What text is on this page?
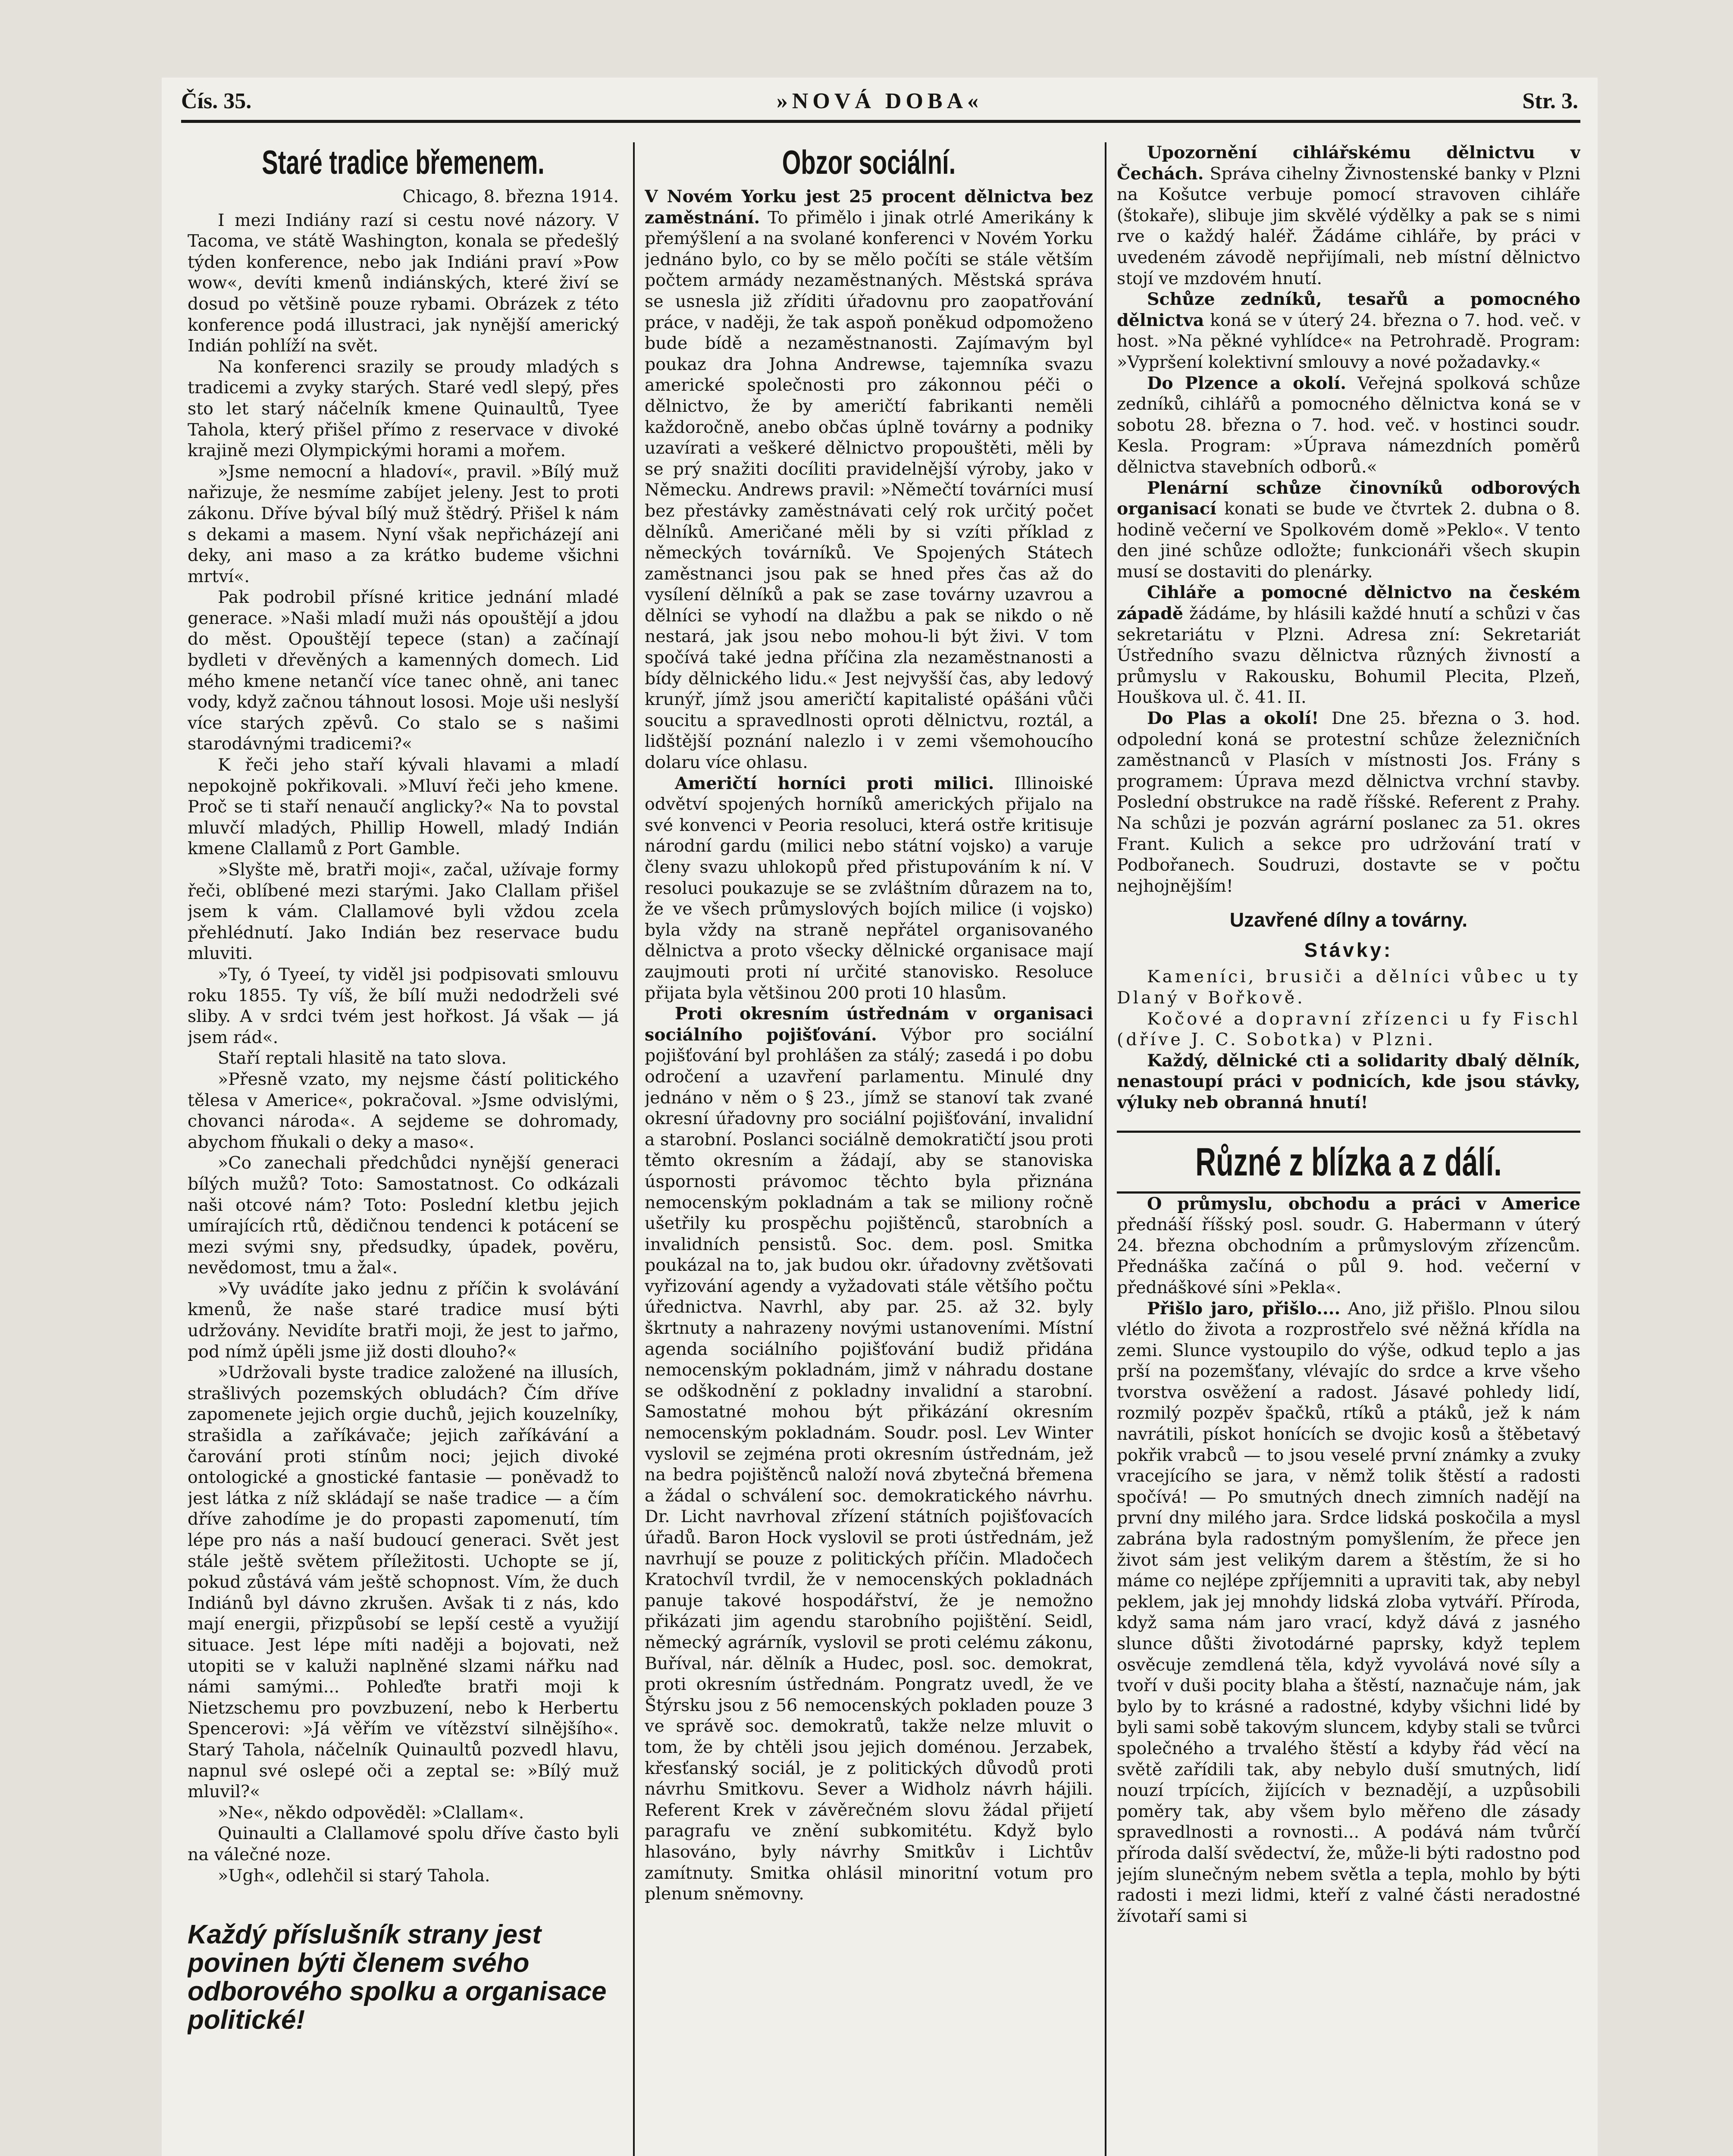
Čís. 35.	»NOVÁ DOBA«	Str. 3.
Staré tradice břemenem.
Chicago, 8. března 1914.

I mezi Indiány razí si cestu nové názory. V Tacoma, ve státě Washington, konala se předešlý týden konference, nebo jak Indiáni praví »Pow wow«, devíti kmenů indiánských, které živí se dosud po většině pouze rybami. Obrázek z této konference podá illustraci, jak nynější americký Indián pohlíží na svět.

Na konferenci srazily se proudy mladých s tradicemi a zvyky starých. Staré vedl slepý, přes sto let starý náčelník kmene Quinaultů, Tyee Tahola, který přišel přímo z reservace v divoké krajině mezi Olympickými horami a mořem.

»Jsme nemocní a hladoví«, pravil. »Bílý muž nařizuje, že nesmíme zabíjet jeleny. Jest to proti zákonu. Dříve býval bílý muž štědrý. Přišel k nám s dekami a masem. Nyní však nepřicházejí ani deky, ani maso a za krátko budeme všichni mrtví«.

Pak podrobil přísné kritice jednání mladé generace. »Naši mladí muži nás opouštějí a jdou do měst. Opouštějí tepece (stan) a začínají bydleti v dřevěných a kamenných domech. Lid mého kmene netančí více tanec ohně, ani tanec vody, když začnou táhnout lososi. Moje uši neslyší více starých zpěvů. Co stalo se s našimi starodávnými tradicemi?«

K řeči jeho staří kývali hlavami a mladí nepokojně pokřikovali. »Mluví řeči jeho kmene. Proč se ti staří nenaučí anglicky?« Na to povstal mluvčí mladých, Phillip Howell, mladý Indián kmene Clallamů z Port Gamble.

»Slyšte mě, bratři moji«, začal, užívaje formy řeči, oblíbené mezi starými. Jako Clallam přišel jsem k vám. Clallamové byli vždou zcela přehlédnutí. Jako Indián bez reservace budu mluviti.

»Ty, ó Tyeeí, ty viděl jsi podpisovati smlouvu roku 1855. Ty víš, že bílí muži nedodrželi své sliby. A v srdci tvém jest hořkost. Já však — já jsem rád«.

Staří reptali hlasitě na tato slova.

»Přesně vzato, my nejsme částí politického tělesa v Americe«, pokračoval. »Jsme odvislými, chovanci národa«. A sejdeme se dohromady, abychom fňukali o deky a maso«.

»Co zanechali předchůdci nynější generaci bílých mužů? Toto: Samostatnost. Co odkázali naši otcové nám? Toto: Poslední kletbu jejich umírajících rtů, dědičnou tendenci k potácení se mezi svými sny, předsudky, úpadek, pověru, nevědomost, tmu a žal«.

»Vy uvádíte jako jednu z příčin k svolávání kmenů, že naše staré tradice musí býti udržovány. Nevidíte bratři moji, že jest to jařmo, pod nímž úpěli jsme již dosti dlouho?«

»Udržovali byste tradice založené na illusích, strašlivých pozemských obludách? Čím dříve zapomenete jejich orgie duchů, jejich kouzelníky, strašidla a zaříkávače; jejich zaříkávání a čarování proti stínům noci; jejich divoké ontologické a gnostické fantasie — poněvadž to jest látka z níž skládají se naše tradice — a čím dříve zahodíme je do propasti zapomenutí, tím lépe pro nás a naší budoucí generaci. Svět jest stále ještě světem příležitosti. Uchopte se jí, pokud zůstává vám ještě schopnost. Vím, že duch Indiánů byl dávno zkrušen. Avšak ti z nás, kdo mají energii, přizpůsobí se lepší cestě a využijí situace. Jest lépe míti naději a bojovati, než utopiti se v kaluži naplněné slzami nářku nad námi samými... Pohleďte bratři moji k Nietzschemu pro povzbuzení, nebo k Herbertu Spencerovi: »Já věřím ve vítězství silnějšího«. Starý Tahola, náčelník Quinaultů pozvedl hlavu, napnul své oslepé oči a zeptal se: »Bílý muž mluvil?«

»Ne«, někdo odpověděl: »Clallam«.

Quinaulti a Clallamové spolu dříve často byli na válečné noze.

»Ugh«, odlehčil si starý Tahola.

Každý příslušník strany jest povinen býti členem svého odborového spolku a organisace politické!
Obzor sociální.

V Novém Yorku jest 25 procent dělnictva bez zaměstnání. To přimělo i jinak otrlé Amerikány k přemýšlení a na svolané konferenci v Novém Yorku jednáno bylo, co by se mělo počíti se stále větším počtem armády nezaměstnaných. Městská správa se usnesla již zříditi úřadovnu pro zaopatřování práce, v naději, že tak aspoň poněkud odpomoženo bude bídě a nezaměstnanosti. Zajímavým byl poukaz dra Johna Andrewse, tajemníka svazu americké společnosti pro zákonnou péči o dělnictvo, že by američtí fabrikanti neměli každoročně, anebo občas úplně továrny a podniky uzavírati a veškeré dělnictvo propouštěti, měli by se prý snažiti docíliti pravidelnější výroby, jako v Německu. Andrews pravil: »Němečtí továrníci musí bez přestávky zaměstnávati celý rok určitý počet dělníků. Američané měli by si vzíti příklad z německých továrníků. Ve Spojených Státech zaměstnanci jsou pak se hned přes čas až do vysílení dělníků a pak se zase továrny uzavrou a dělníci se vyhodí na dlažbu a pak se nikdo o ně nestará, jak jsou nebo mohou-li být živi. V tom spočívá také jedna příčina zla nezaměstnanosti a bídy dělnického lidu.« Jest nejvyšší čas, aby ledový krunýř, jímž jsou američtí kapitalisté opášáni vůči soucitu a spravedlnosti oproti dělnictvu, roztál, a lidštější poznání nalezlo i v zemi všemohoucího dolaru více ohlasu.

Američtí horníci proti milici. Illinoiské odvětví spojených horníků amerických přijalo na své konvenci v Peoria resoluci, která ostře kritisuje národní gardu (milici nebo státní vojsko) a varuje členy svazu uhlokopů před přistupováním k ní. V resoluci poukazuje se se zvláštním důrazem na to, že ve všech průmyslových bojích milice (i vojsko) byla vždy na straně nepřátel organisovaného dělnictva a proto všecky dělnické organisace mají zaujmouti proti ní určité stanovisko. Resoluce přijata byla většinou 200 proti 10 hlasům.

Proti okresním ústřednám v organisaci sociálního pojišťování. Výbor pro sociální pojišťování byl prohlášen za stálý; zasedá i po dobu odročení a uzavření parlamentu. Minulé dny jednáno v něm o § 23., jímž se stanoví tak zvané okresní úřadovny pro sociální pojišťování, invalidní a starobní. Poslanci sociálně demokratičtí jsou proti těmto okresním a žádají, aby se stanoviska úspornosti právomoc těchto byla přiznána nemocenským pokladnám a tak se miliony ročně ušetřily ku prospěchu pojištěnců, starobních a invalidních pensistů. Soc. dem. posl. Smitka poukázal na to, jak budou okr. úřadovny zvětšovati vyřizování agendy a vyžadovati stále většího počtu úřednictva. Navrhl, aby par. 25. až 32. byly škrtnuty a nahrazeny novými ustanoveními. Místní agenda sociálního pojišťování budiž přidána nemocenským pokladnám, jimž v náhradu dostane se odškodnění z pokladny invalidní a starobní. Samostatné mohou být přikázání okresním nemocenským pokladnám. Soudr. posl. Lev Winter vyslovil se zejména proti okresním ústřednám, jež na bedra pojištěnců naloží nová zbytečná břemena a žádal o schválení soc. demokratického návrhu. Dr. Licht navrhoval zřízení státních pojišťovacích úřadů. Baron Hock vyslovil se proti ústřednám, jež navrhují se pouze z politických příčin. Mladočech Kratochvíl tvrdil, že v nemocenských pokladnách panuje takové hospodářství, že je nemožno přikázati jim agendu starobního pojištění. Seidl, německý agrárník, vyslovil se proti celému zákonu, Buříval, nár. dělník a Hudec, posl. soc. demokrat, proti okresním ústřednám. Pongratz uvedl, že ve Štýrsku jsou z 56 nemocenských pokladen pouze 3 ve správě soc. demokratů, takže nelze mluvit o tom, že by chtěli jsou jejich doménou. Jerzabek, křesťanský sociál, je z politických důvodů proti návrhu Smitkovu. Sever a Widholz návrh hájili. Referent Krek v závěrečném slovu žádal přijetí paragrafu ve znění subkomitétu. Když bylo hlasováno, byly návrhy Smitkův i Lichtův zamítnuty. Smitka ohlásil minoritní votum pro plenum sněmovny.

Upozornění cihlářskému dělnictvu v Čechách. Správa cihelny Živnostenské banky v Plzni na Košutce verbuje pomocí stravoven cihláře (štokaře), slibuje jim skvělé výdělky a pak se s nimi rve o každý haléř. Žádáme cihláře, by práci v uvedeném závodě nepřijímali, neb místní dělnictvo stojí ve mzdovém hnutí.

Schůze zedníků, tesařů a pomocného dělnictva koná se v úterý 24. března o 7. hod. več. v host. »Na pěkné vyhlídce« na Petrohradě. Program: »Vypršení kolektivní smlouvy a nové požadavky.«

Do Plzence a okolí. Veřejná spolková schůze zedníků, cihlářů a pomocného dělnictva koná se v sobotu 28. března o 7. hod. več. v hostinci soudr. Kesla. Program: »Úprava námezdních poměrů dělnictva stavebních odborů.«

Plenární schůze činovníků odborových organisací konati se bude ve čtvrtek 2. dubna o 8. hodině večerní ve Spolkovém domě »Peklo«. V tento den jiné schůze odložte; funkcionáři všech skupin musí se dostaviti do plenárky.

Cihláře a pomocné dělnictvo na českém západě žádáme, by hlásili každé hnutí a schůzi v čas sekretariátu v Plzni. Adresa zní: Sekretariát Ústředního svazu dělnictva různých živností a průmyslu v Rakousku, Bohumil Plecita, Plzeň, Houškova ul. č. 41. II.

Do Plas a okolí! Dne 25. března o 3. hod. odpolední koná se protestní schůze železničních zaměstnanců v Plasích v místnosti Jos. Frány s programem: Úprava mezd dělnictva vrchní stavby. Poslední obstrukce na radě říšské. Referent z Prahy. Na schůzi je pozván agrární poslanec za 51. okres Frant. Kulich a sekce pro udržování tratí v Podbořanech. Soudruzi, dostavte se v počtu nejhojnějším!

Uzavřené dílny a továrny.
Stávky:

Kameníci, brusiči a dělníci vůbec u ty Dlaný v Bořkově.

Kočové a dopravní zřízenci u fy Fischl (dříve J. C. Sobotka) v Plzni.

Každý, dělnické cti a solidarity dbalý dělník, nenastoupí práci v podnicích, kde jsou stávky, výluky neb obranná hnutí!

Různé z blízka a z dálí.

O průmyslu, obchodu a práci v Americe přednáší říšský posl. soudr. G. Habermann v úterý 24. března obchodním a průmyslovým zřízencům. Přednáška začíná o půl 9. hod. večerní v přednáškové síni »Pekla«.

Přišlo jaro, přišlo.... Ano, již přišlo. Plnou silou vlétlo do života a rozprostřelo své něžná křídla na zemi. Slunce vystoupilo do výše, odkud teplo a jas prší na pozemšťany, vlévajíc do srdce a krve všeho tvorstva osvěžení a radost. Jásavé pohledy lidí, rozmilý pozpěv špačků, rtíků a ptáků, jež k nám navrátili, pískot honících se dvojic kosů a štěbetavý pokřik vrabců — to jsou veselé první známky a zvuky vracejícího se jara, v němž tolik štěstí a radosti spočívá! — Po smutných dnech zimních nadějí na první dny milého jara. Srdce lidská poskočila a mysl zabrána byla radostným pomyšlením, že přece jen život sám jest velikým darem a štěstím, že si ho máme co nejlépe zpříjemniti a upraviti tak, aby nebyl peklem, jak jej mnohdy lidská zloba vytváří. Příroda, když sama nám jaro vrací, když dává z jasného slunce důšti životodárné paprsky, když teplem osvěcuje zemdlená těla, když vyvolává nové síly a tvoří v duši pocity blaha a štěstí, naznačuje nám, jak bylo by to krásné a radostné, kdyby všichni lidé by byli sami sobě takovým sluncem, kdyby stali se tvůrci společného a trvalého štěstí a kdyby řád věcí na světě zařídili tak, aby nebylo duší smutných, lidí nouzí trpících, žijících v beznadějí, a uzpůsobili poměry tak, aby všem bylo měřeno dle zásady spravedlnosti a rovnosti... A podává nám tvůrčí příroda další svědectví, že, může-li býti radostno pod jejím slunečným nebem světla a tepla, mohlo by býti radosti i mezi lidmi, kteří z valné části neradostné žívotaří sami si
